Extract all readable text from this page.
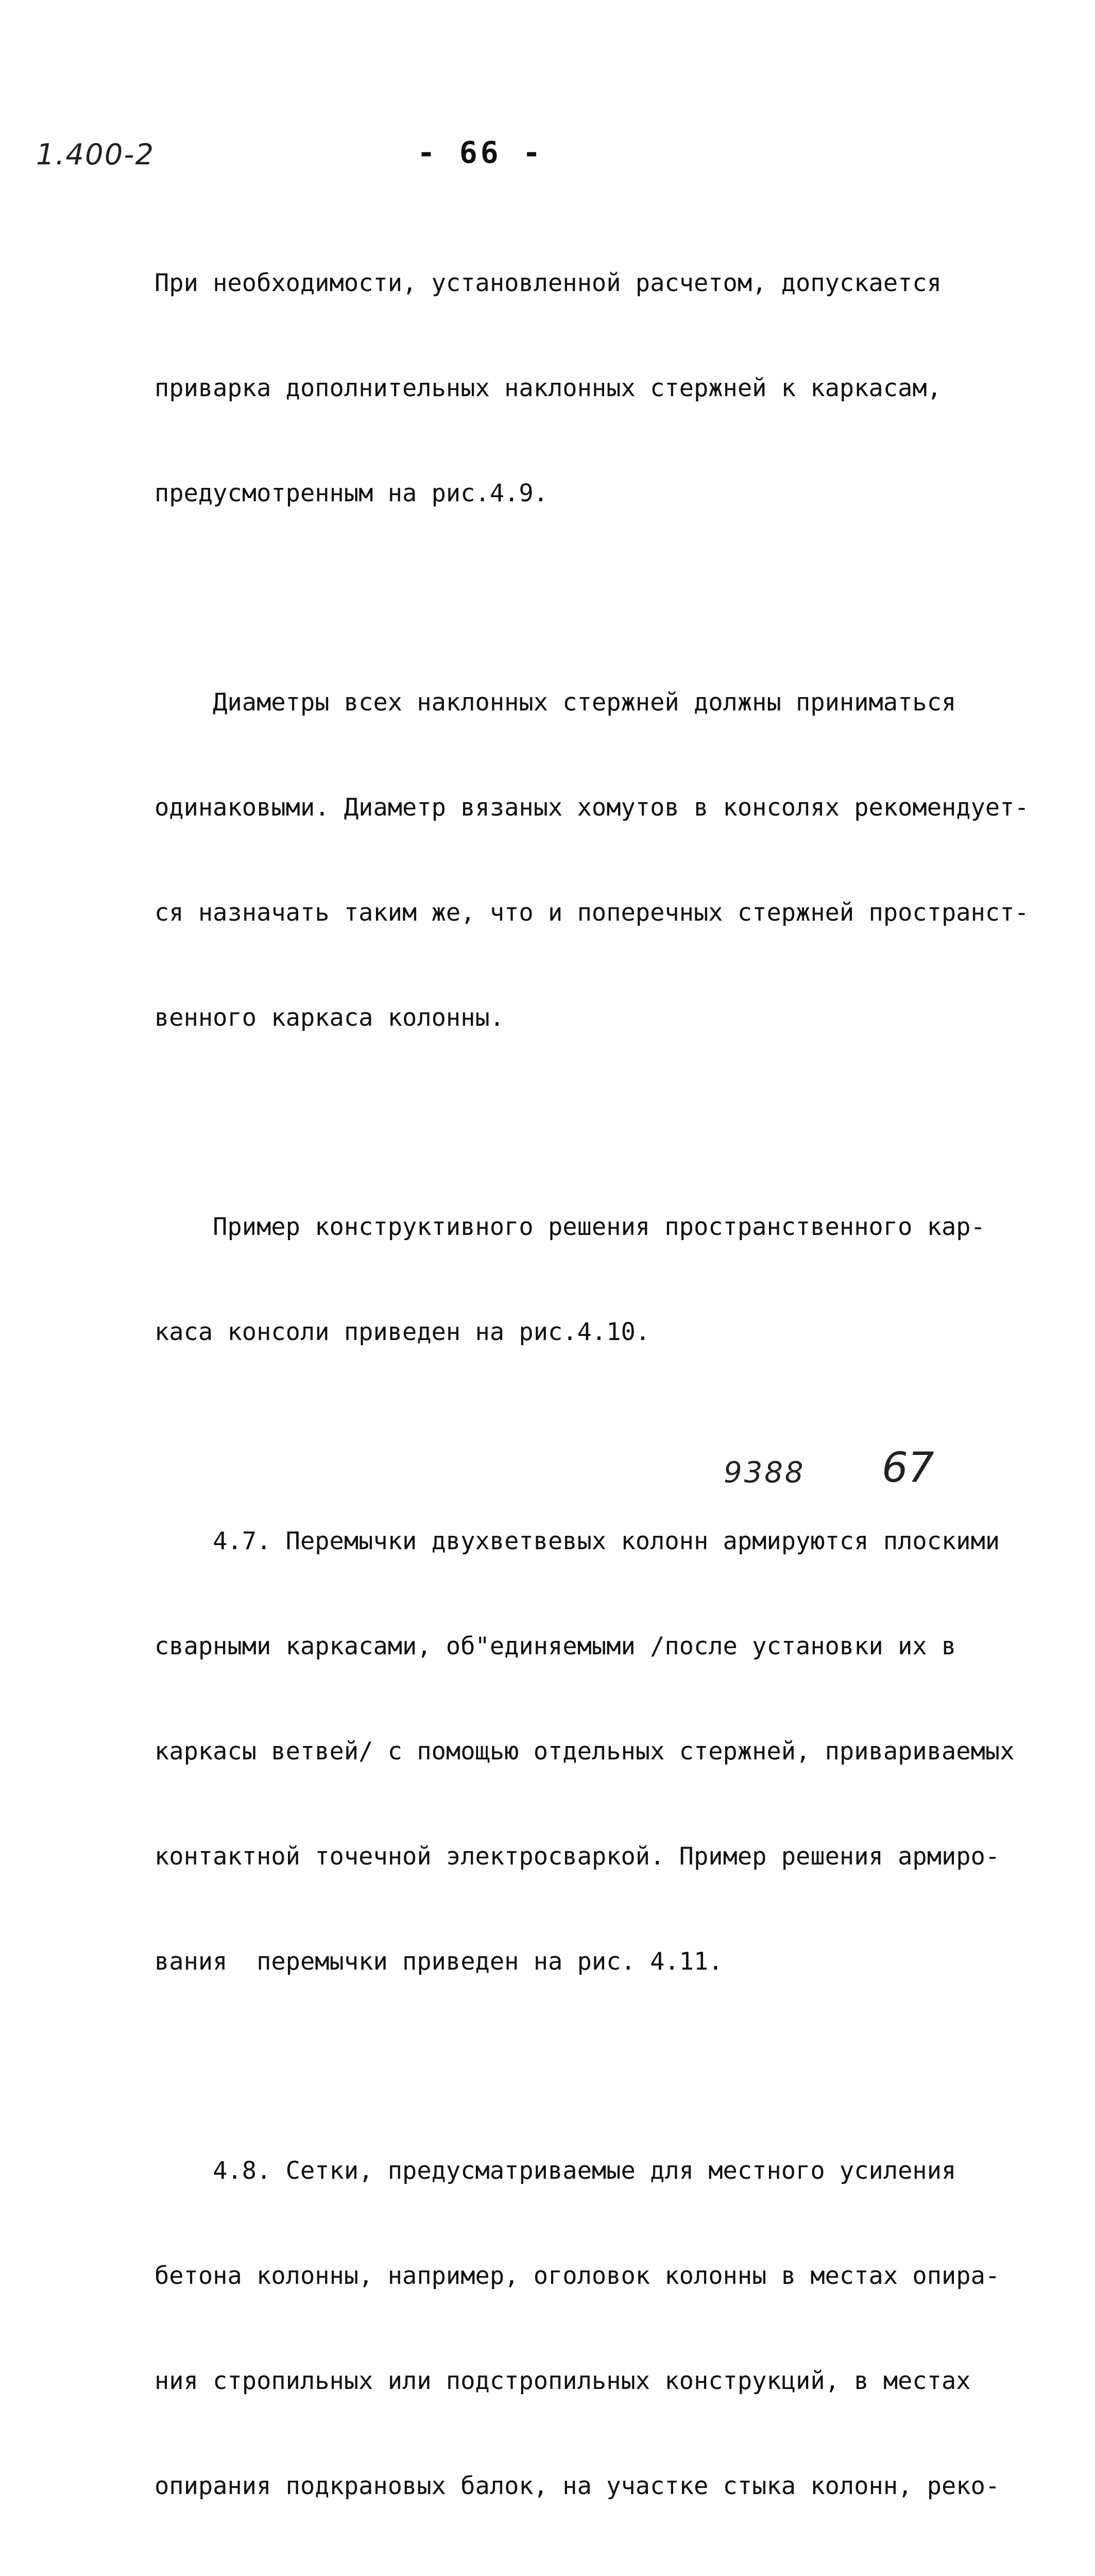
1.400-2	- 66 -

При необходимости, установленной расчетом, допускается

приварка дополнительных наклонных стержней к каркасам,

предусмотренным на рис.4.9.

Диаметры всех наклонных стержней должны приниматься

одинаковыми. Диаметр вязаных хомутов в консолях рекомендует-

ся назначать таким же, что и поперечных стержней пространст-

венного каркаса колонны.

Пример конструктивного решения пространственного кар-

каса консоли приведен на рис.4.10.

4.7. Перемычки двухветвевых колонн армируются плоскими

сварными каркасами, об"единяемыми /после установки их в

каркасы ветвей/ с помощью отдельных стержней, привариваемых

контактной точечной электросваркой. Пример решения армиро-

вания  перемычки приведен на рис. 4.11.

4.8. Сетки, предусматриваемые для местного усиления

бетона колонны, например, оголовок колонны в местах опира-

ния стропильных или подстропильных конструкций, в местах

опирания подкрановых балок, на участке стыка колонн, реко-

9388 67
